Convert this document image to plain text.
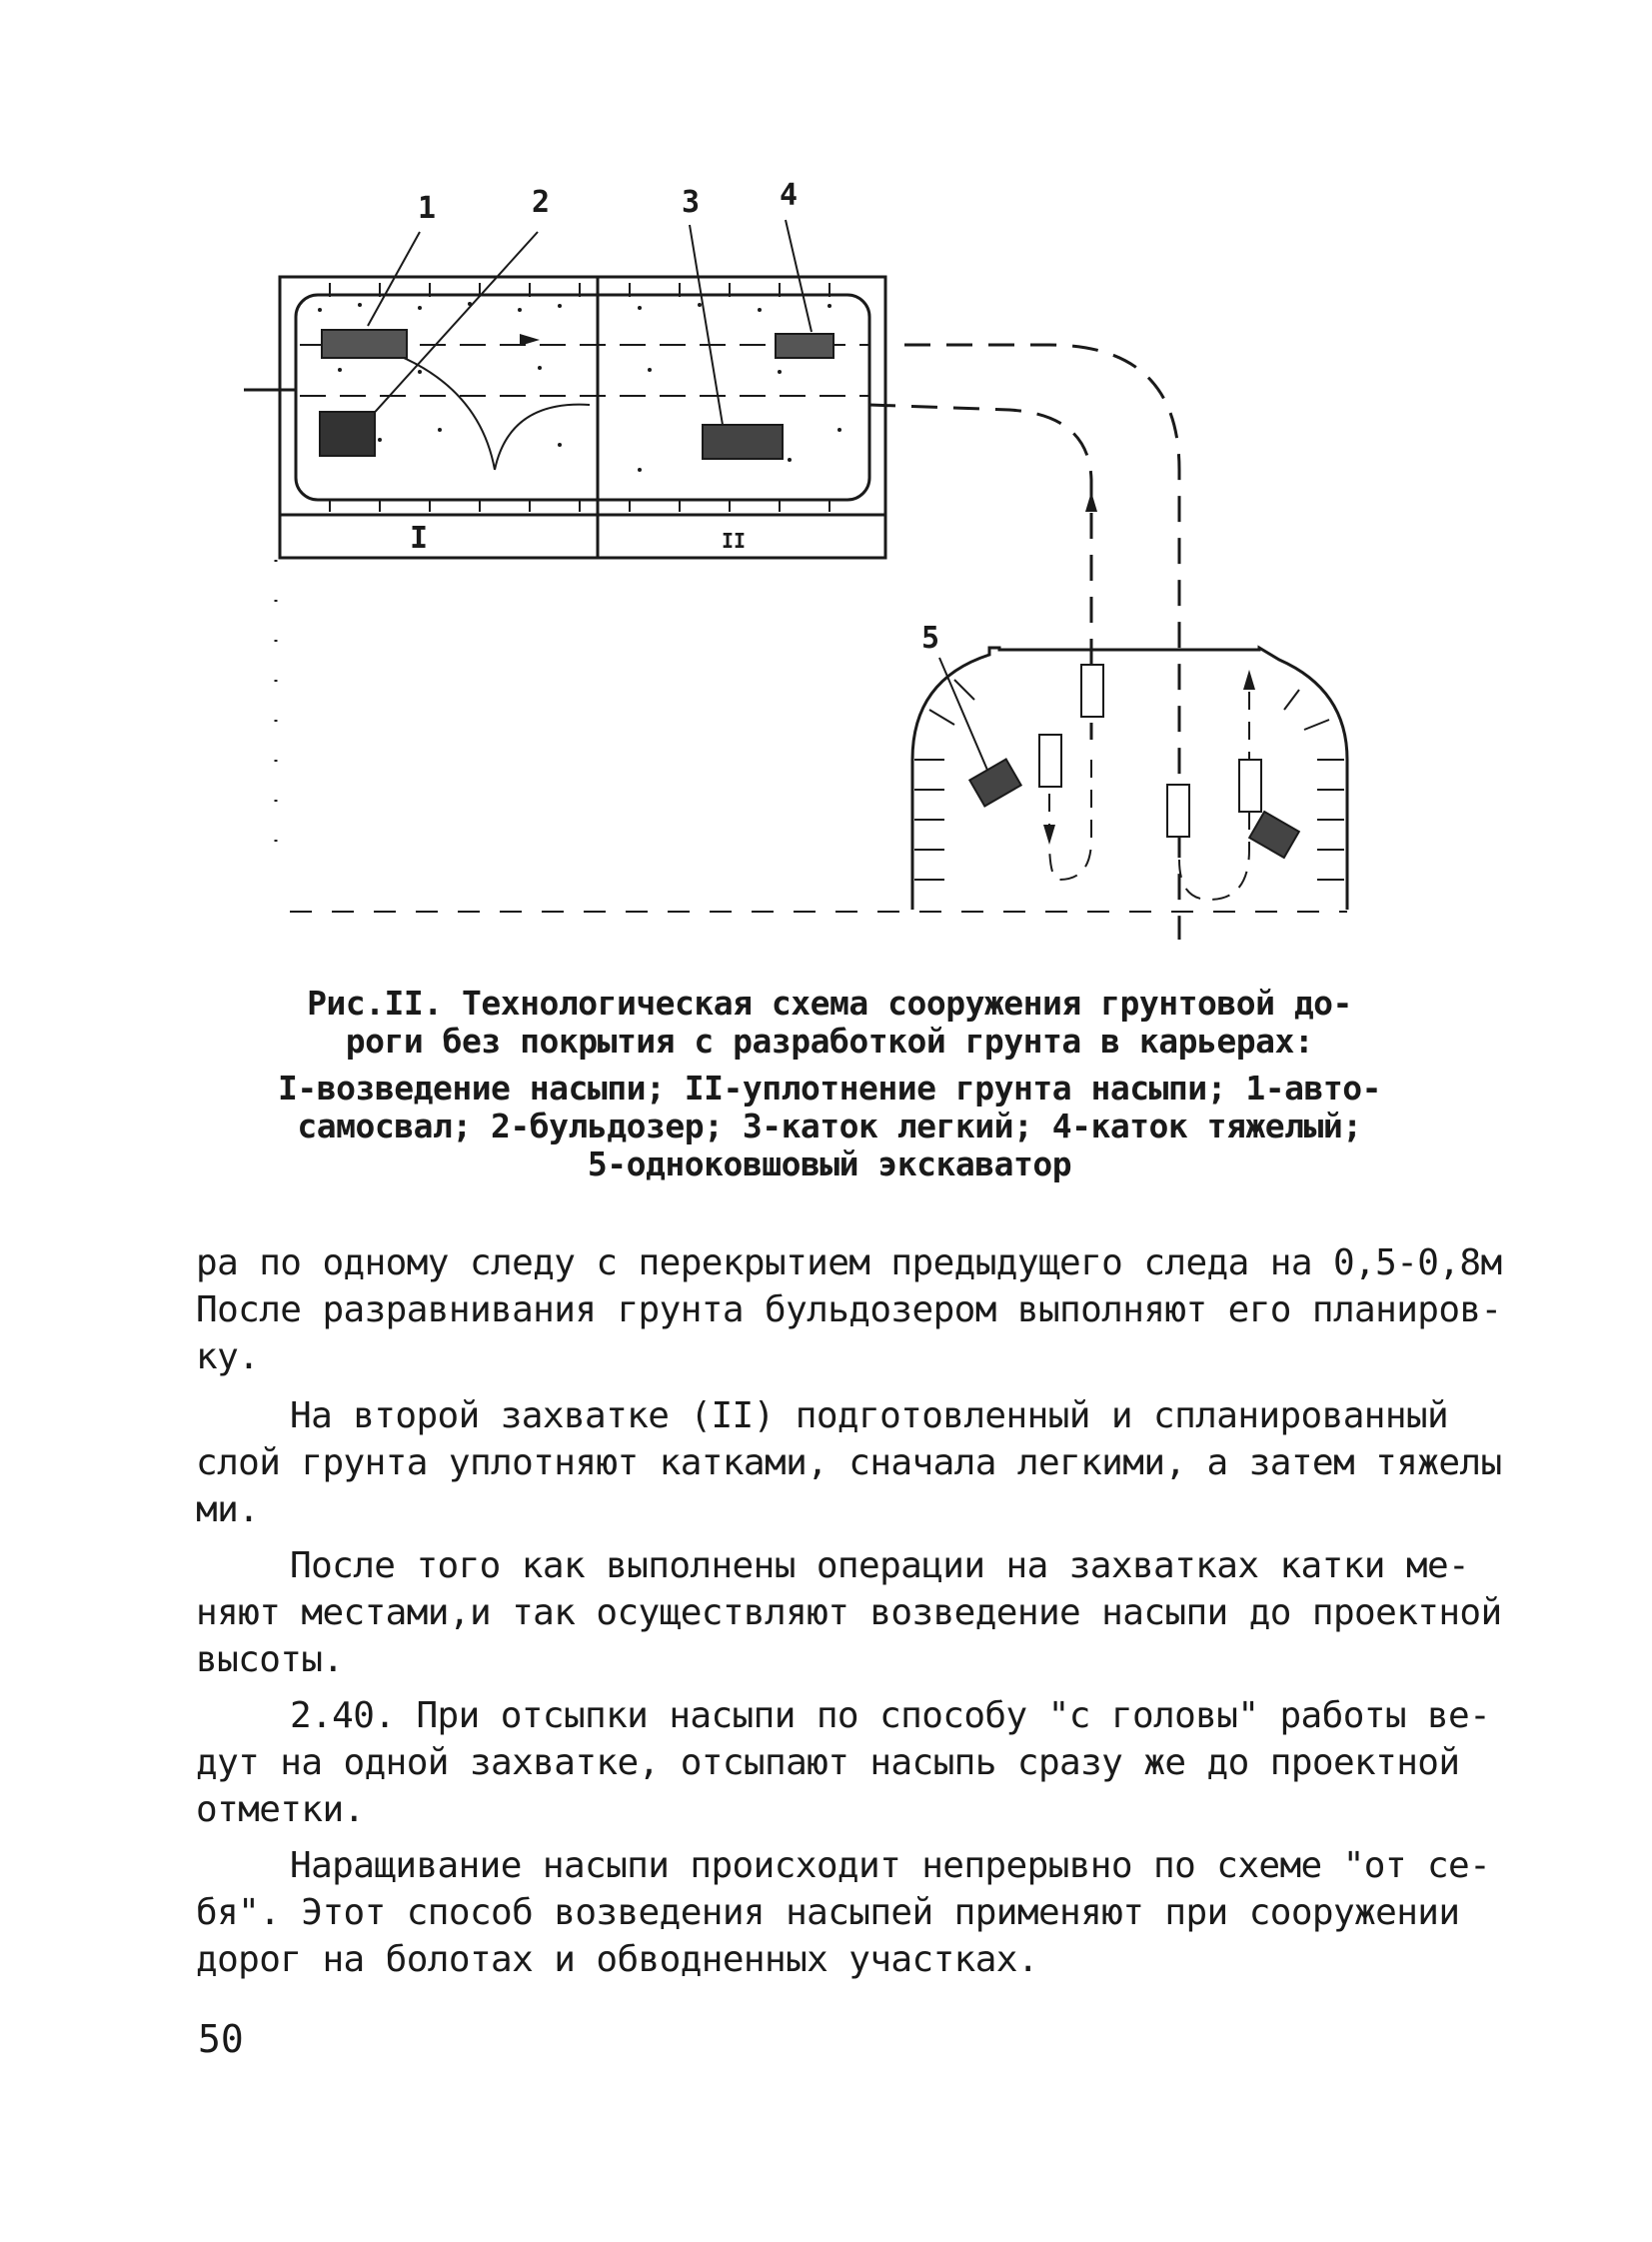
1	2	3	4
5
I	II
Рис.II. Технологическая схема сооружения грунтовой до-
роги без покрытия с разработкой грунта в карьерах:
I-возведение насыпи; II-уплотнение грунта насыпи; 1-авто-
самосвал; 2-бульдозер; 3-каток легкий; 4-каток тяжелый;
5-одноковшовый экскаватор
ра по одному следу с перекрытием предыдущего следа на 0,5-0,8м
После разравнивания грунта бульдозером выполняют его планиров-
ку.
На второй захватке (II) подготовленный и спланированный
слой грунта уплотняют катками, сначала легкими, а затем тяжелы
ми.
После того как выполнены операции на захватках катки ме-
няют местами,и так осуществляют возведение насыпи до проектной
высоты.
2.40. При отсыпки насыпи по способу "с головы" работы ве-
дут на одной захватке, отсыпают насыпь сразу же до проектной
отметки.
Наращивание насыпи происходит непрерывно по схеме "от се-
бя". Этот способ возведения насыпей применяют при сооружении
дорог на болотах и обводненных участках.
50
